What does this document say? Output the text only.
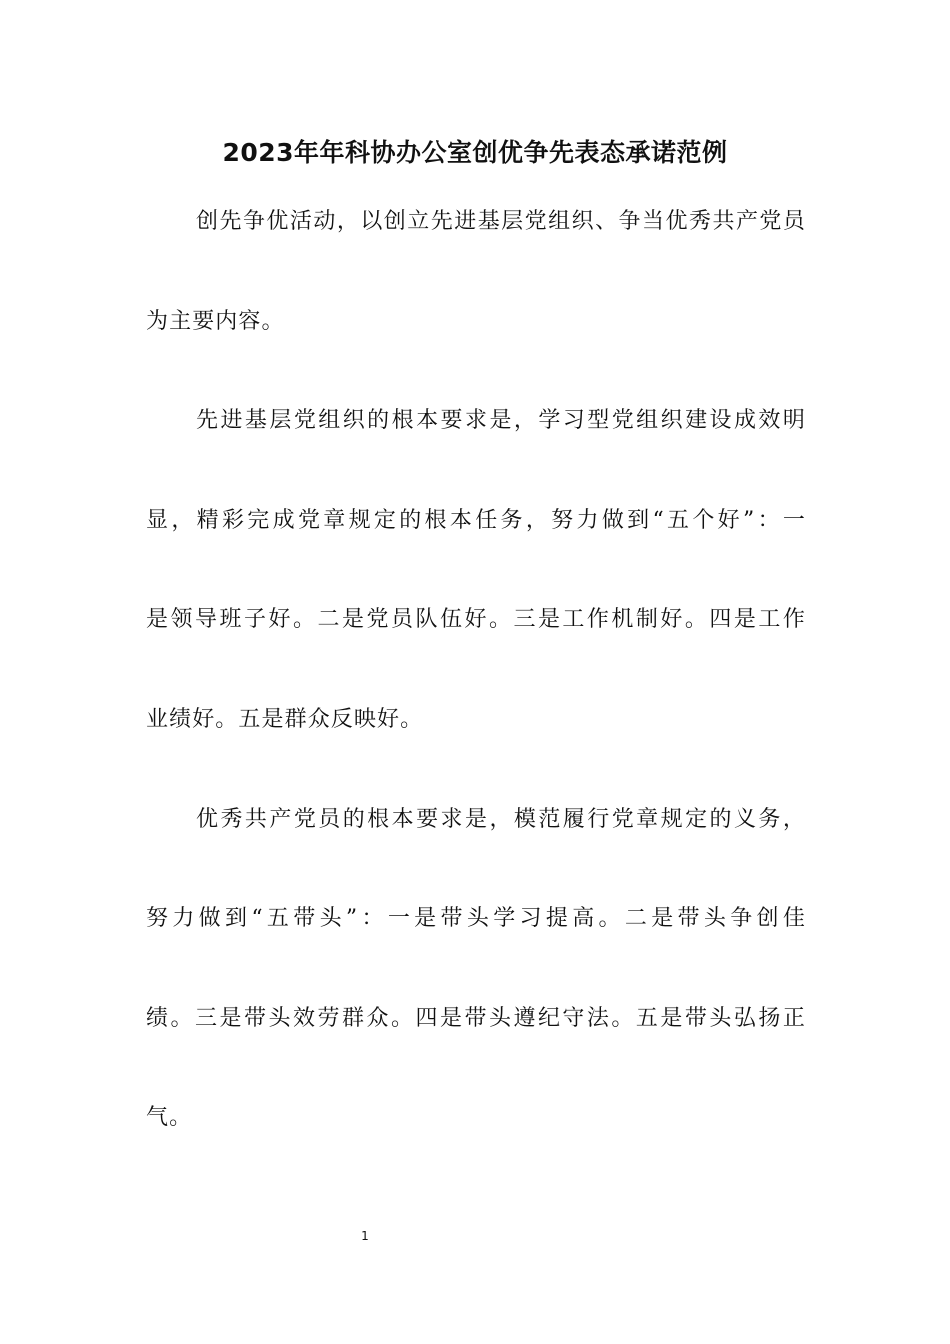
2023年年科协办公室创优争先表态承诺范例
创先争优活动，以创立先进基层党组织、争当优秀共产党员
为主要内容。
先进基层党组织的根本要求是，学习型党组织建设成效明
显，精彩完成党章规定的根本任务，努力做到“五个好”：一
是领导班子好。二是党员队伍好。三是工作机制好。四是工作
业绩好。五是群众反映好。
优秀共产党员的根本要求是，模范履行党章规定的义务，
努力做到“五带头”：一是带头学习提高。二是带头争创佳
绩。三是带头效劳群众。四是带头遵纪守法。五是带头弘扬正
气。
1
